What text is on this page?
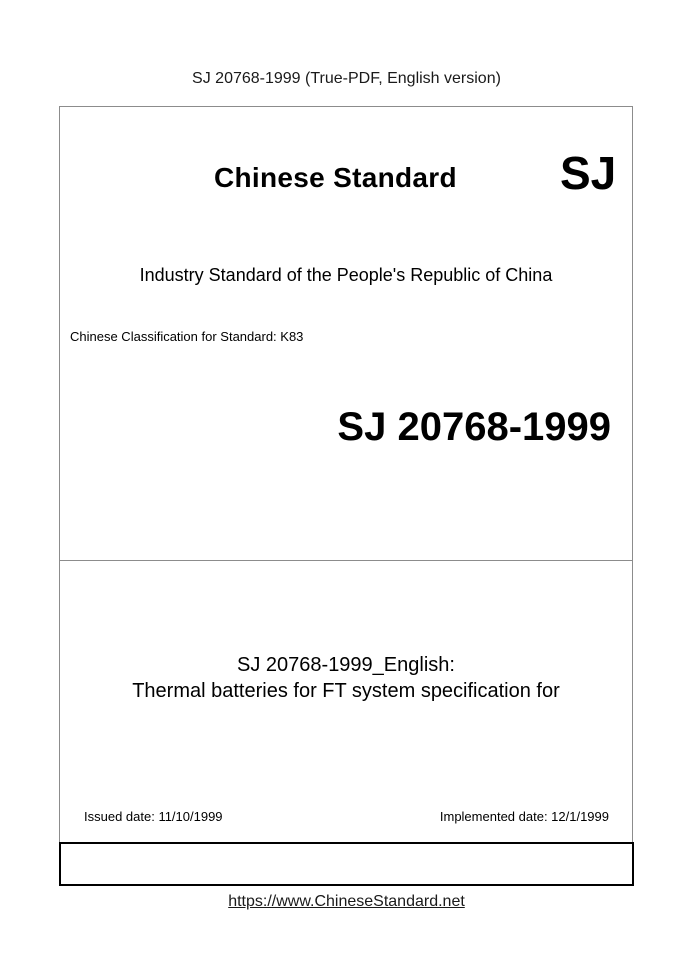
SJ 20768-1999 (True-PDF, English version)
Chinese Standard SJ
Industry Standard of the People's Republic of China
Chinese Classification for Standard: K83
SJ 20768-1999
SJ 20768-1999_English:
Thermal batteries for FT system specification for
Issued date: 11/10/1999	Implemented date: 12/1/1999
https://www.ChineseStandard.net
